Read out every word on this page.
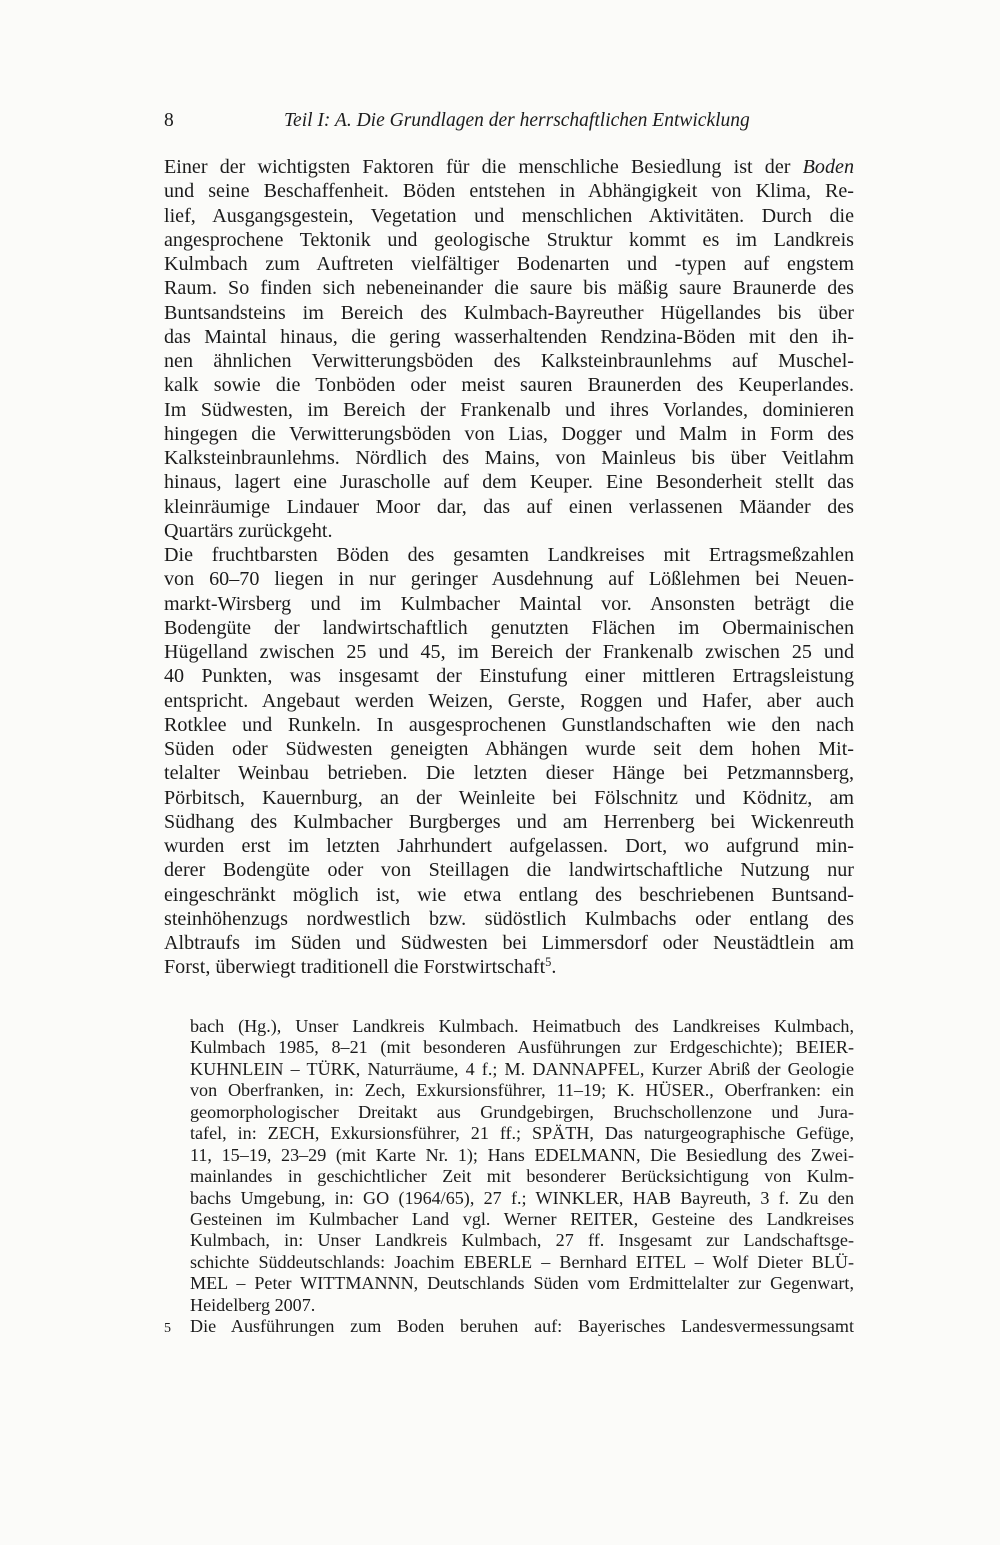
8	Teil I: A. Die Grundlagen der herrschaftlichen Entwicklung
Einer der wichtigsten Faktoren für die menschliche Besiedlung ist der Boden
und seine Beschaffenheit. Böden entstehen in Abhängigkeit von Klima, Re-
lief, Ausgangsgestein, Vegetation und menschlichen Aktivitäten. Durch die
angesprochene Tektonik und geologische Struktur kommt es im Landkreis
Kulmbach zum Auftreten vielfältiger Bodenarten und -typen auf engstem
Raum. So finden sich nebeneinander die saure bis mäßig saure Braunerde des
Buntsandsteins im Bereich des Kulmbach-Bayreuther Hügellandes bis über
das Maintal hinaus, die gering wasserhaltenden Rendzina-Böden mit den ih-
nen ähnlichen Verwitterungsböden des Kalksteinbraunlehms auf Muschel-
kalk sowie die Tonböden oder meist sauren Braunerden des Keuperlandes.
Im Südwesten, im Bereich der Frankenalb und ihres Vorlandes, dominieren
hingegen die Verwitterungsböden von Lias, Dogger und Malm in Form des
Kalksteinbraunlehms. Nördlich des Mains, von Mainleus bis über Veitlahm
hinaus, lagert eine Jurascholle auf dem Keuper. Eine Besonderheit stellt das
kleinräumige Lindauer Moor dar, das auf einen verlassenen Mäander des
Quartärs zurückgeht.
Die fruchtbarsten Böden des gesamten Landkreises mit Ertragsmeßzahlen
von 60–70 liegen in nur geringer Ausdehnung auf Lößlehmen bei Neuen-
markt-Wirsberg und im Kulmbacher Maintal vor. Ansonsten beträgt die
Bodengüte der landwirtschaftlich genutzten Flächen im Obermainischen
Hügelland zwischen 25 und 45, im Bereich der Frankenalb zwischen 25 und
40 Punkten, was insgesamt der Einstufung einer mittleren Ertragsleistung
entspricht. Angebaut werden Weizen, Gerste, Roggen und Hafer, aber auch
Rotklee und Runkeln. In ausgesprochenen Gunstlandschaften wie den nach
Süden oder Südwesten geneigten Abhängen wurde seit dem hohen Mit-
telalter Weinbau betrieben. Die letzten dieser Hänge bei Petzmannsberg,
Pörbitsch, Kauernburg, an der Weinleite bei Fölschnitz und Ködnitz, am
Südhang des Kulmbacher Burgberges und am Herrenberg bei Wickenreuth
wurden erst im letzten Jahrhundert aufgelassen. Dort, wo aufgrund min-
derer Bodengüte oder von Steillagen die landwirtschaftliche Nutzung nur
eingeschränkt möglich ist, wie etwa entlang des beschriebenen Buntsand-
steinhöhenzugs nordwestlich bzw. südöstlich Kulmbachs oder entlang des
Albtraufs im Süden und Südwesten bei Limmersdorf oder Neustädtlein am
Forst, überwiegt traditionell die Forstwirtschaft$^5$.
bach (Hg.), Unser Landkreis Kulmbach. Heimatbuch des Landkreises Kulmbach,
Kulmbach 1985, 8–21 (mit besonderen Ausführungen zur Erdgeschichte); BEIER-
KUHNLEIN – TÜRK, Naturräume, 4 f.; M. DANNAPFEL, Kurzer Abriß der Geologie
von Oberfranken, in: Zech, Exkursionsführer, 11–19; K. HÜSER., Oberfranken: ein
geomorphologischer Dreitakt aus Grundgebirgen, Bruchschollenzone und Jura-
tafel, in: ZECH, Exkursionsführer, 21 ff.; SPÄTH, Das naturgeographische Gefüge,
11, 15–19, 23–29 (mit Karte Nr. 1); Hans EDELMANN, Die Besiedlung des Zwei-
mainlandes in geschichtlicher Zeit mit besonderer Berücksichtigung von Kulm-
bachs Umgebung, in: GO (1964/65), 27 f.; WINKLER, HAB Bayreuth, 3 f. Zu den
Gesteinen im Kulmbacher Land vgl. Werner REITER, Gesteine des Landkreises
Kulmbach, in: Unser Landkreis Kulmbach, 27 ff. Insgesamt zur Landschaftsge-
schichte Süddeutschlands: Joachim EBERLE – Bernhard EITEL – Wolf Dieter BLÜ-
MEL – Peter WITTMANNN, Deutschlands Süden vom Erdmittelalter zur Gegenwart,
Heidelberg 2007.
Die Ausführungen zum Boden beruhen auf: Bayerisches Landesvermessungsamt
5
